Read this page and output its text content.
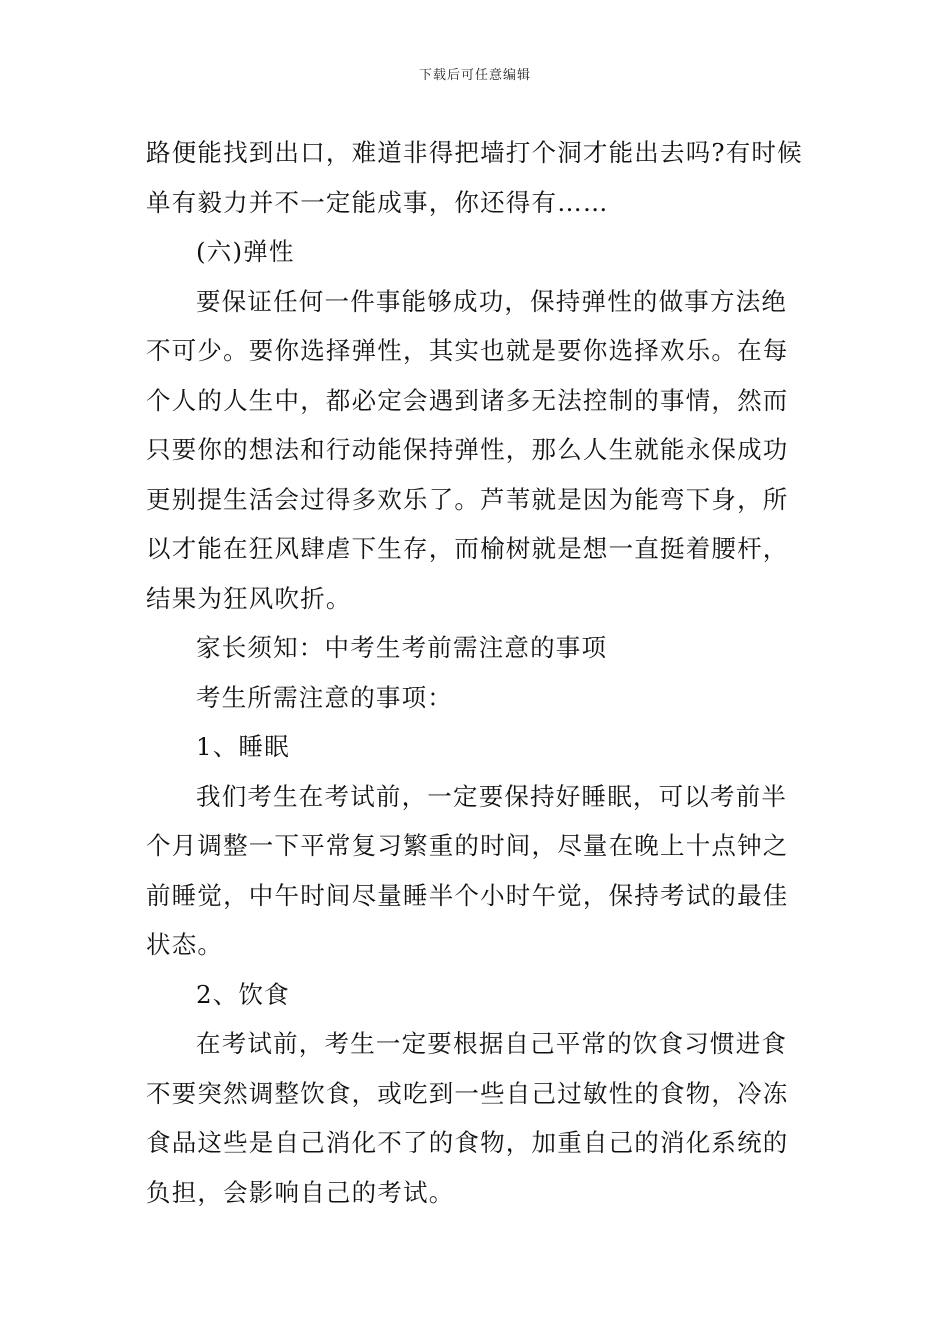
下载后可任意编辑
路便能找到出口，难道非得把墙打个洞才能出去吗?有时候
单有毅力并不一定能成事，你还得有……
(六)弹性
要保证任何一件事能够成功，保持弹性的做事方法绝
不可少。要你选择弹性，其实也就是要你选择欢乐。在每
个人的人生中，都必定会遇到诸多无法控制的事情，然而
只要你的想法和行动能保持弹性，那么人生就能永保成功
更别提生活会过得多欢乐了。芦苇就是因为能弯下身，所
以才能在狂风肆虐下生存，而榆树就是想一直挺着腰杆，
结果为狂风吹折。
家长须知：中考生考前需注意的事项
考生所需注意的事项：
1、睡眠
我们考生在考试前，一定要保持好睡眠，可以考前半
个月调整一下平常复习繁重的时间，尽量在晚上十点钟之
前睡觉，中午时间尽量睡半个小时午觉，保持考试的最佳
状态。
2、饮食
在考试前，考生一定要根据自己平常的饮食习惯进食
不要突然调整饮食，或吃到一些自己过敏性的食物，冷冻
食品这些是自己消化不了的食物，加重自己的消化系统的
负担，会影响自己的考试。
